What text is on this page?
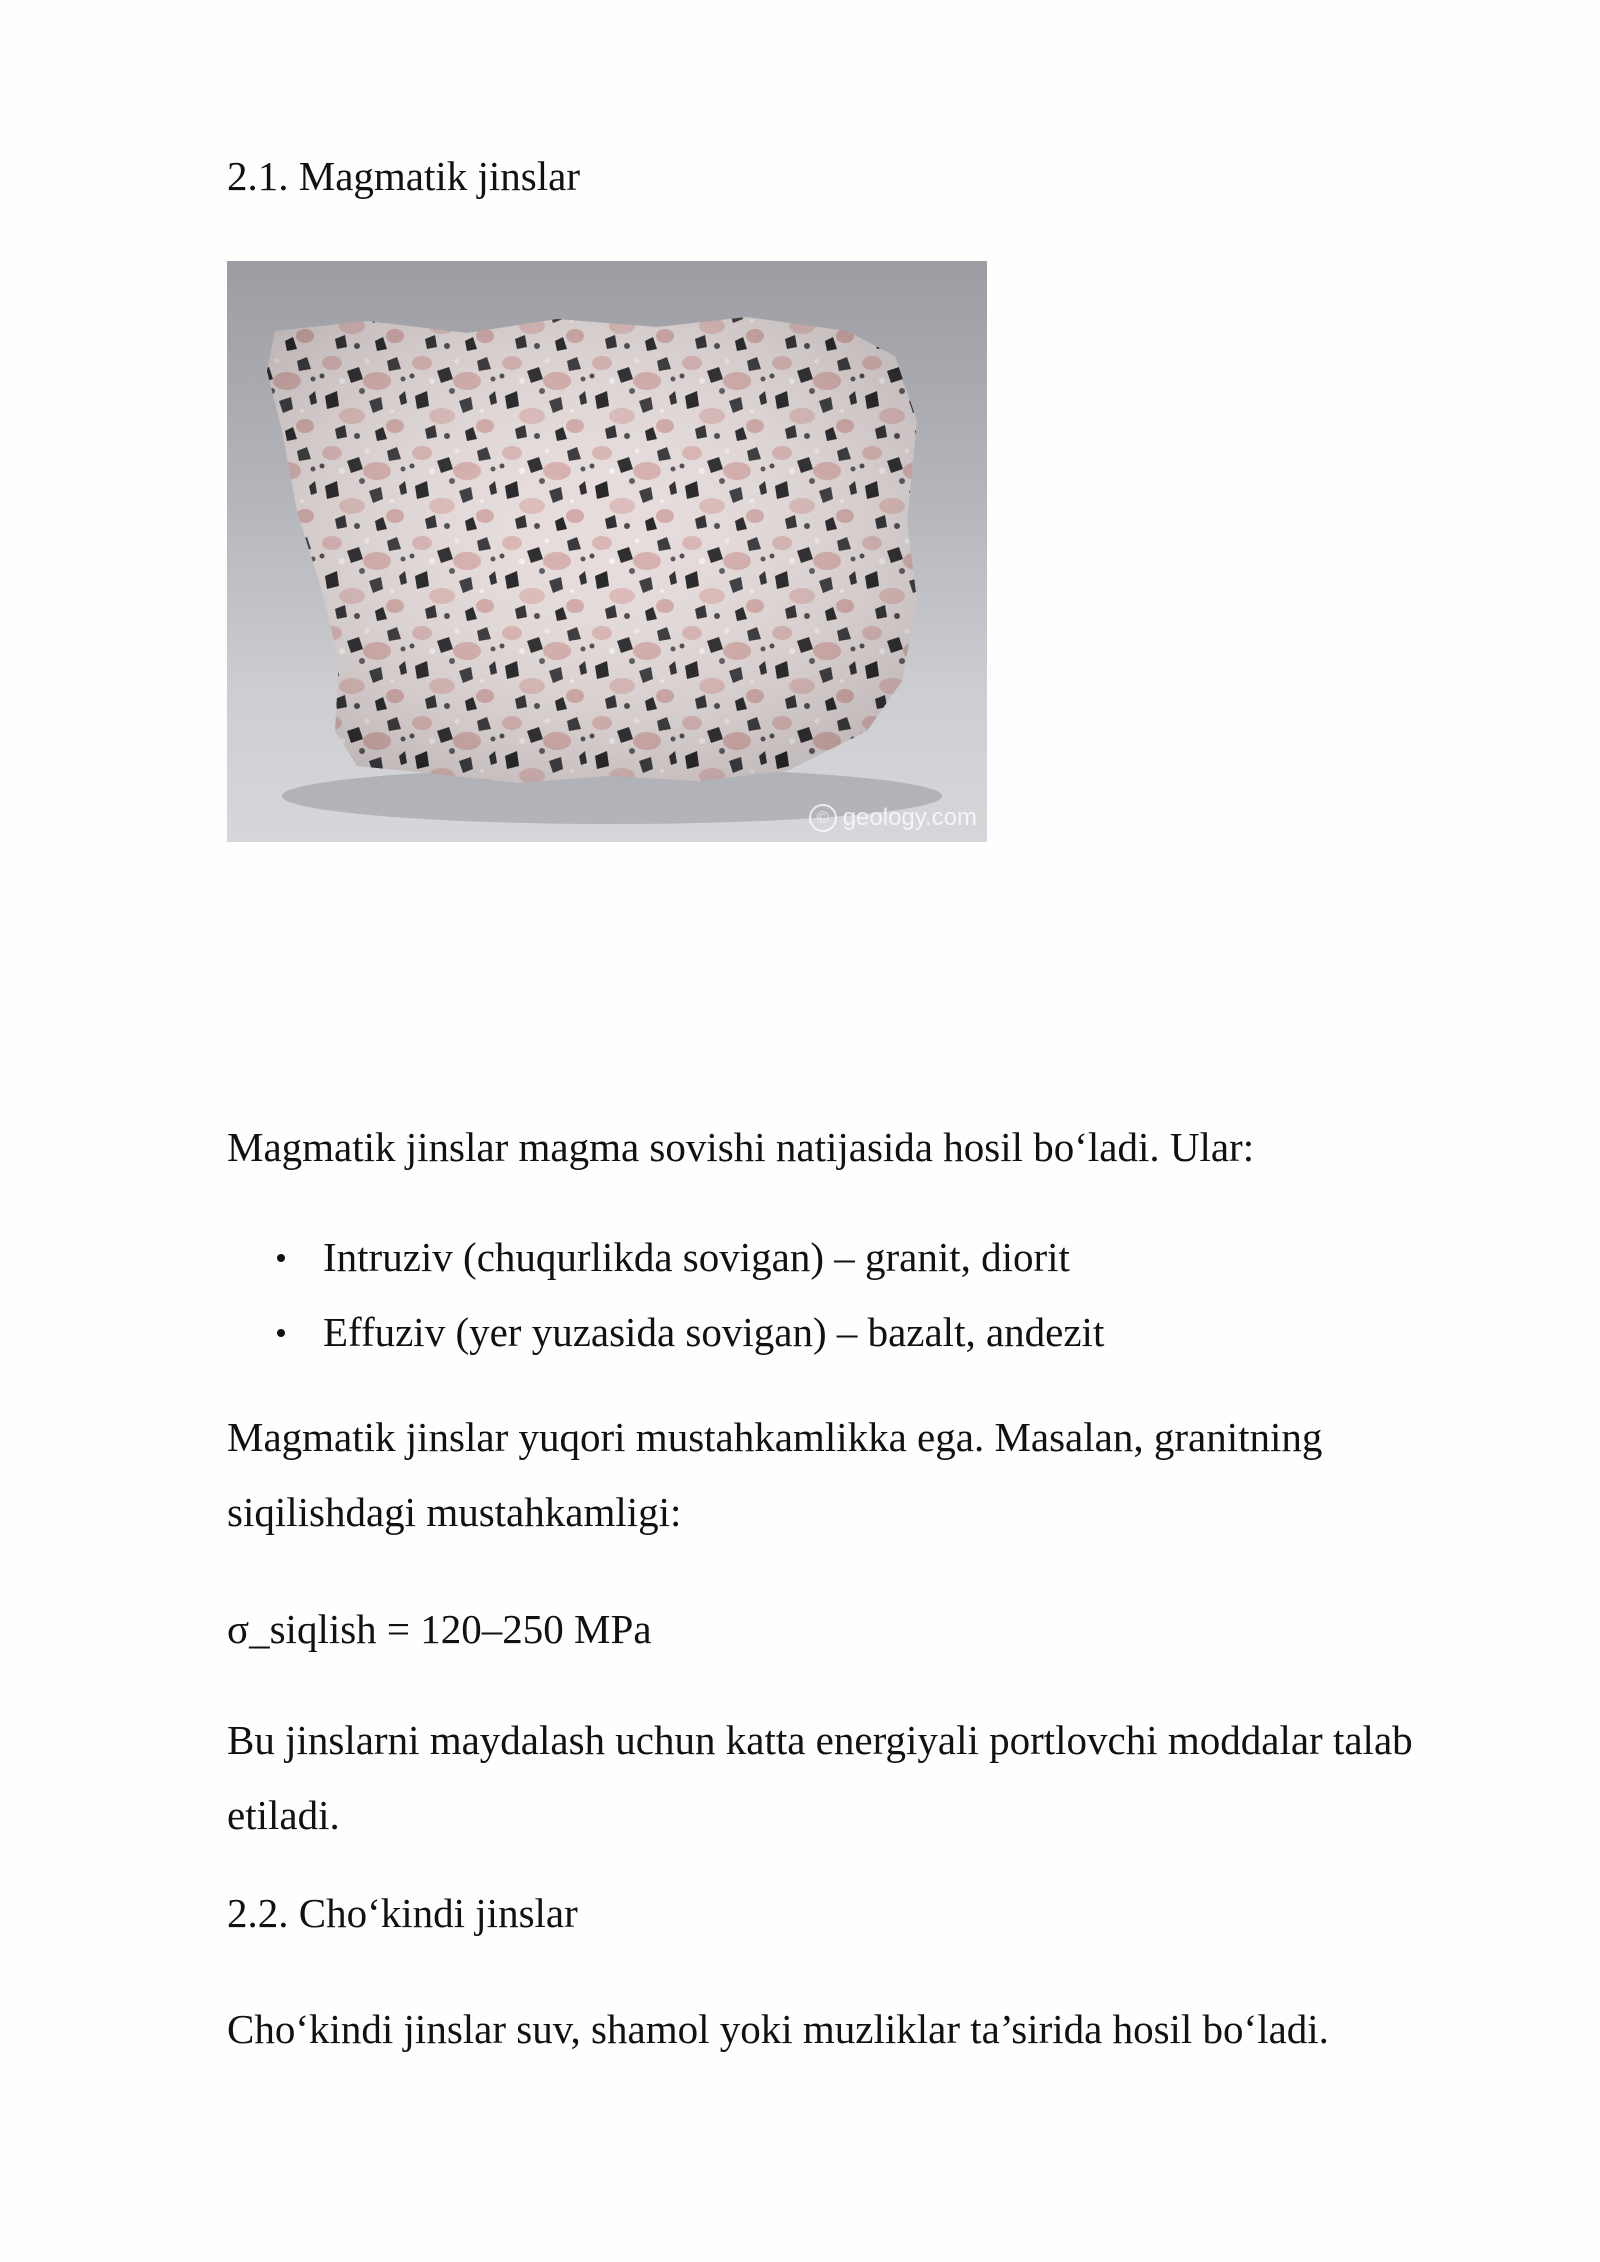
2.1. Magmatik jinslar
© geology.com

Magmatik jinslar magma sovishi natijasida hosil bo‘ladi. Ular:

Intruziv (chuqurlikda sovigan) – granit, diorit
Effuziv (yer yuzasida sovigan) – bazalt, andezit

Magmatik jinslar yuqori mustahkamlikka ega. Masalan, granitning siqilishdagi mustahkamligi:

σ_siqlish = 120–250 MPa

Bu jinslarni maydalash uchun katta energiyali portlovchi moddalar talab etiladi.

2.2. Cho‘kindi jinslar

Cho‘kindi jinslar suv, shamol yoki muzliklar ta’sirida hosil bo‘ladi.
